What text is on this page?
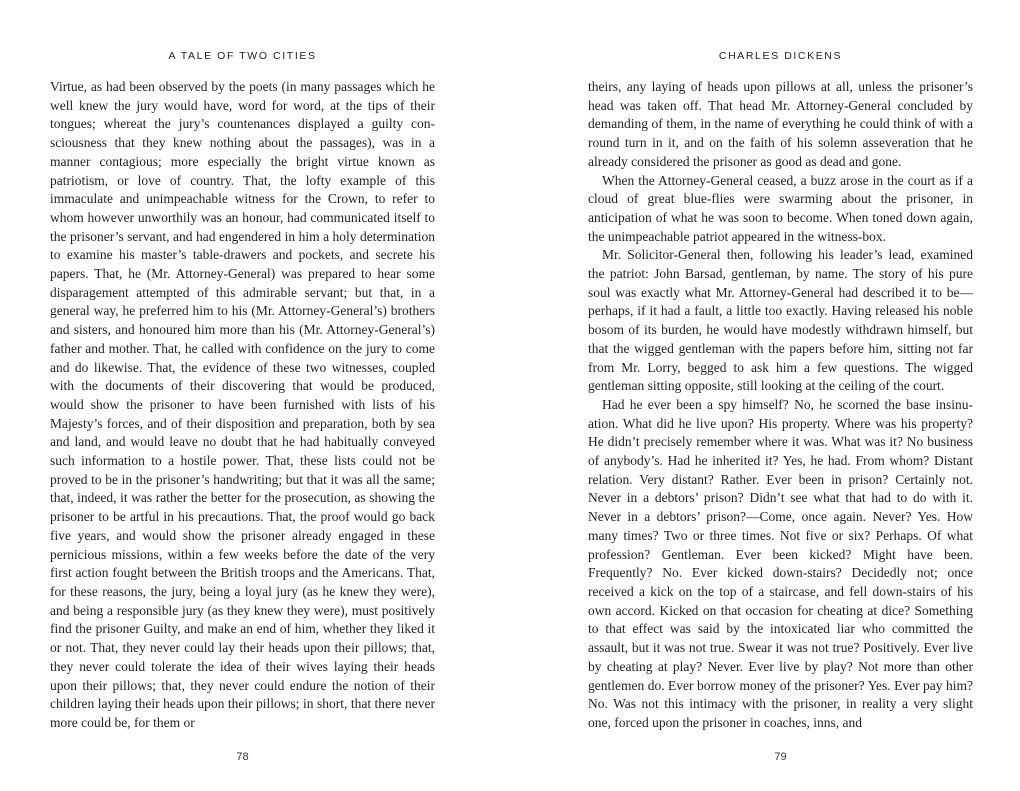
A TALE OF TWO CITIES

Virtue, as had been observed by the poets (in many passages which he well knew the jury would have, word for word, at the tips of their tongues; whereat the jury’s countenances displayed a guilty consciousness that they knew nothing about the passages), was in a manner contagious; more especially the bright virtue known as patriotism, or love of country. That, the lofty example of this immaculate and unimpeachable witness for the Crown, to refer to whom however unworthily was an honour, had communicated itself to the prisoner’s servant, and had engendered in him a holy determination to examine his master’s table-drawers and pockets, and secrete his papers. That, he (Mr. Attorney-General) was prepared to hear some disparagement attempted of this admirable servant; but that, in a general way, he preferred him to his (Mr. Attorney-General’s) brothers and sisters, and honoured him more than his (Mr. Attorney-General’s) father and mother. That, he called with confidence on the jury to come and do likewise. That, the evidence of these two witnesses, coupled with the documents of their discovering that would be produced, would show the prisoner to have been furnished with lists of his Majesty’s forces, and of their disposition and preparation, both by sea and land, and would leave no doubt that he had habitually conveyed such information to a hostile power. That, these lists could not be proved to be in the prisoner’s handwriting; but that it was all the same; that, indeed, it was rather the better for the prosecution, as showing the prisoner to be artful in his precautions. That, the proof would go back five years, and would show the prisoner already engaged in these pernicious missions, within a few weeks before the date of the very first action fought between the British troops and the Americans. That, for these reasons, the jury, being a loyal jury (as he knew they were), and being a responsible jury (as they knew they were), must positively find the prisoner Guilty, and make an end of him, whether they liked it or not. That, they never could lay their heads upon their pillows; that, they never could tolerate the idea of their wives laying their heads upon their pillows; that, they never could endure the notion of their children laying their heads upon their pillows; in short, that there never more could be, for them or

78
CHARLES DICKENS

theirs, any laying of heads upon pillows at all, unless the prisoner’s head was taken off. That head Mr. Attorney-General concluded by demanding of them, in the name of everything he could think of with a round turn in it, and on the faith of his solemn asseveration that he already considered the prisoner as good as dead and gone.

When the Attorney-General ceased, a buzz arose in the court as if a cloud of great blue-flies were swarming about the prisoner, in anticipation of what he was soon to become. When toned down again, the unimpeachable patriot appeared in the witness-box.

Mr. Solicitor-General then, following his leader’s lead, examined the patriot: John Barsad, gentleman, by name. The story of his pure soul was exactly what Mr. Attorney-General had described it to be—perhaps, if it had a fault, a little too exactly. Having released his noble bosom of its burden, he would have modestly withdrawn himself, but that the wigged gentleman with the papers before him, sitting not far from Mr. Lorry, begged to ask him a few questions. The wigged gentleman sitting opposite, still looking at the ceiling of the court.

Had he ever been a spy himself? No, he scorned the base insinuation. What did he live upon? His property. Where was his property? He didn’t precisely remember where it was. What was it? No business of anybody’s. Had he inherited it? Yes, he had. From whom? Distant relation. Very distant? Rather. Ever been in prison? Certainly not. Never in a debtors’ prison? Didn’t see what that had to do with it. Never in a debtors’ prison?—Come, once again. Never? Yes. How many times? Two or three times. Not five or six? Perhaps. Of what profession? Gentleman. Ever been kicked? Might have been. Frequently? No. Ever kicked down-stairs? Decidedly not; once received a kick on the top of a staircase, and fell down-stairs of his own accord. Kicked on that occasion for cheating at dice? Something to that effect was said by the intoxicated liar who committed the assault, but it was not true. Swear it was not true? Positively. Ever live by cheating at play? Never. Ever live by play? Not more than other gentlemen do. Ever borrow money of the prisoner? Yes. Ever pay him? No. Was not this intimacy with the prisoner, in reality a very slight one, forced upon the prisoner in coaches, inns, and

79
